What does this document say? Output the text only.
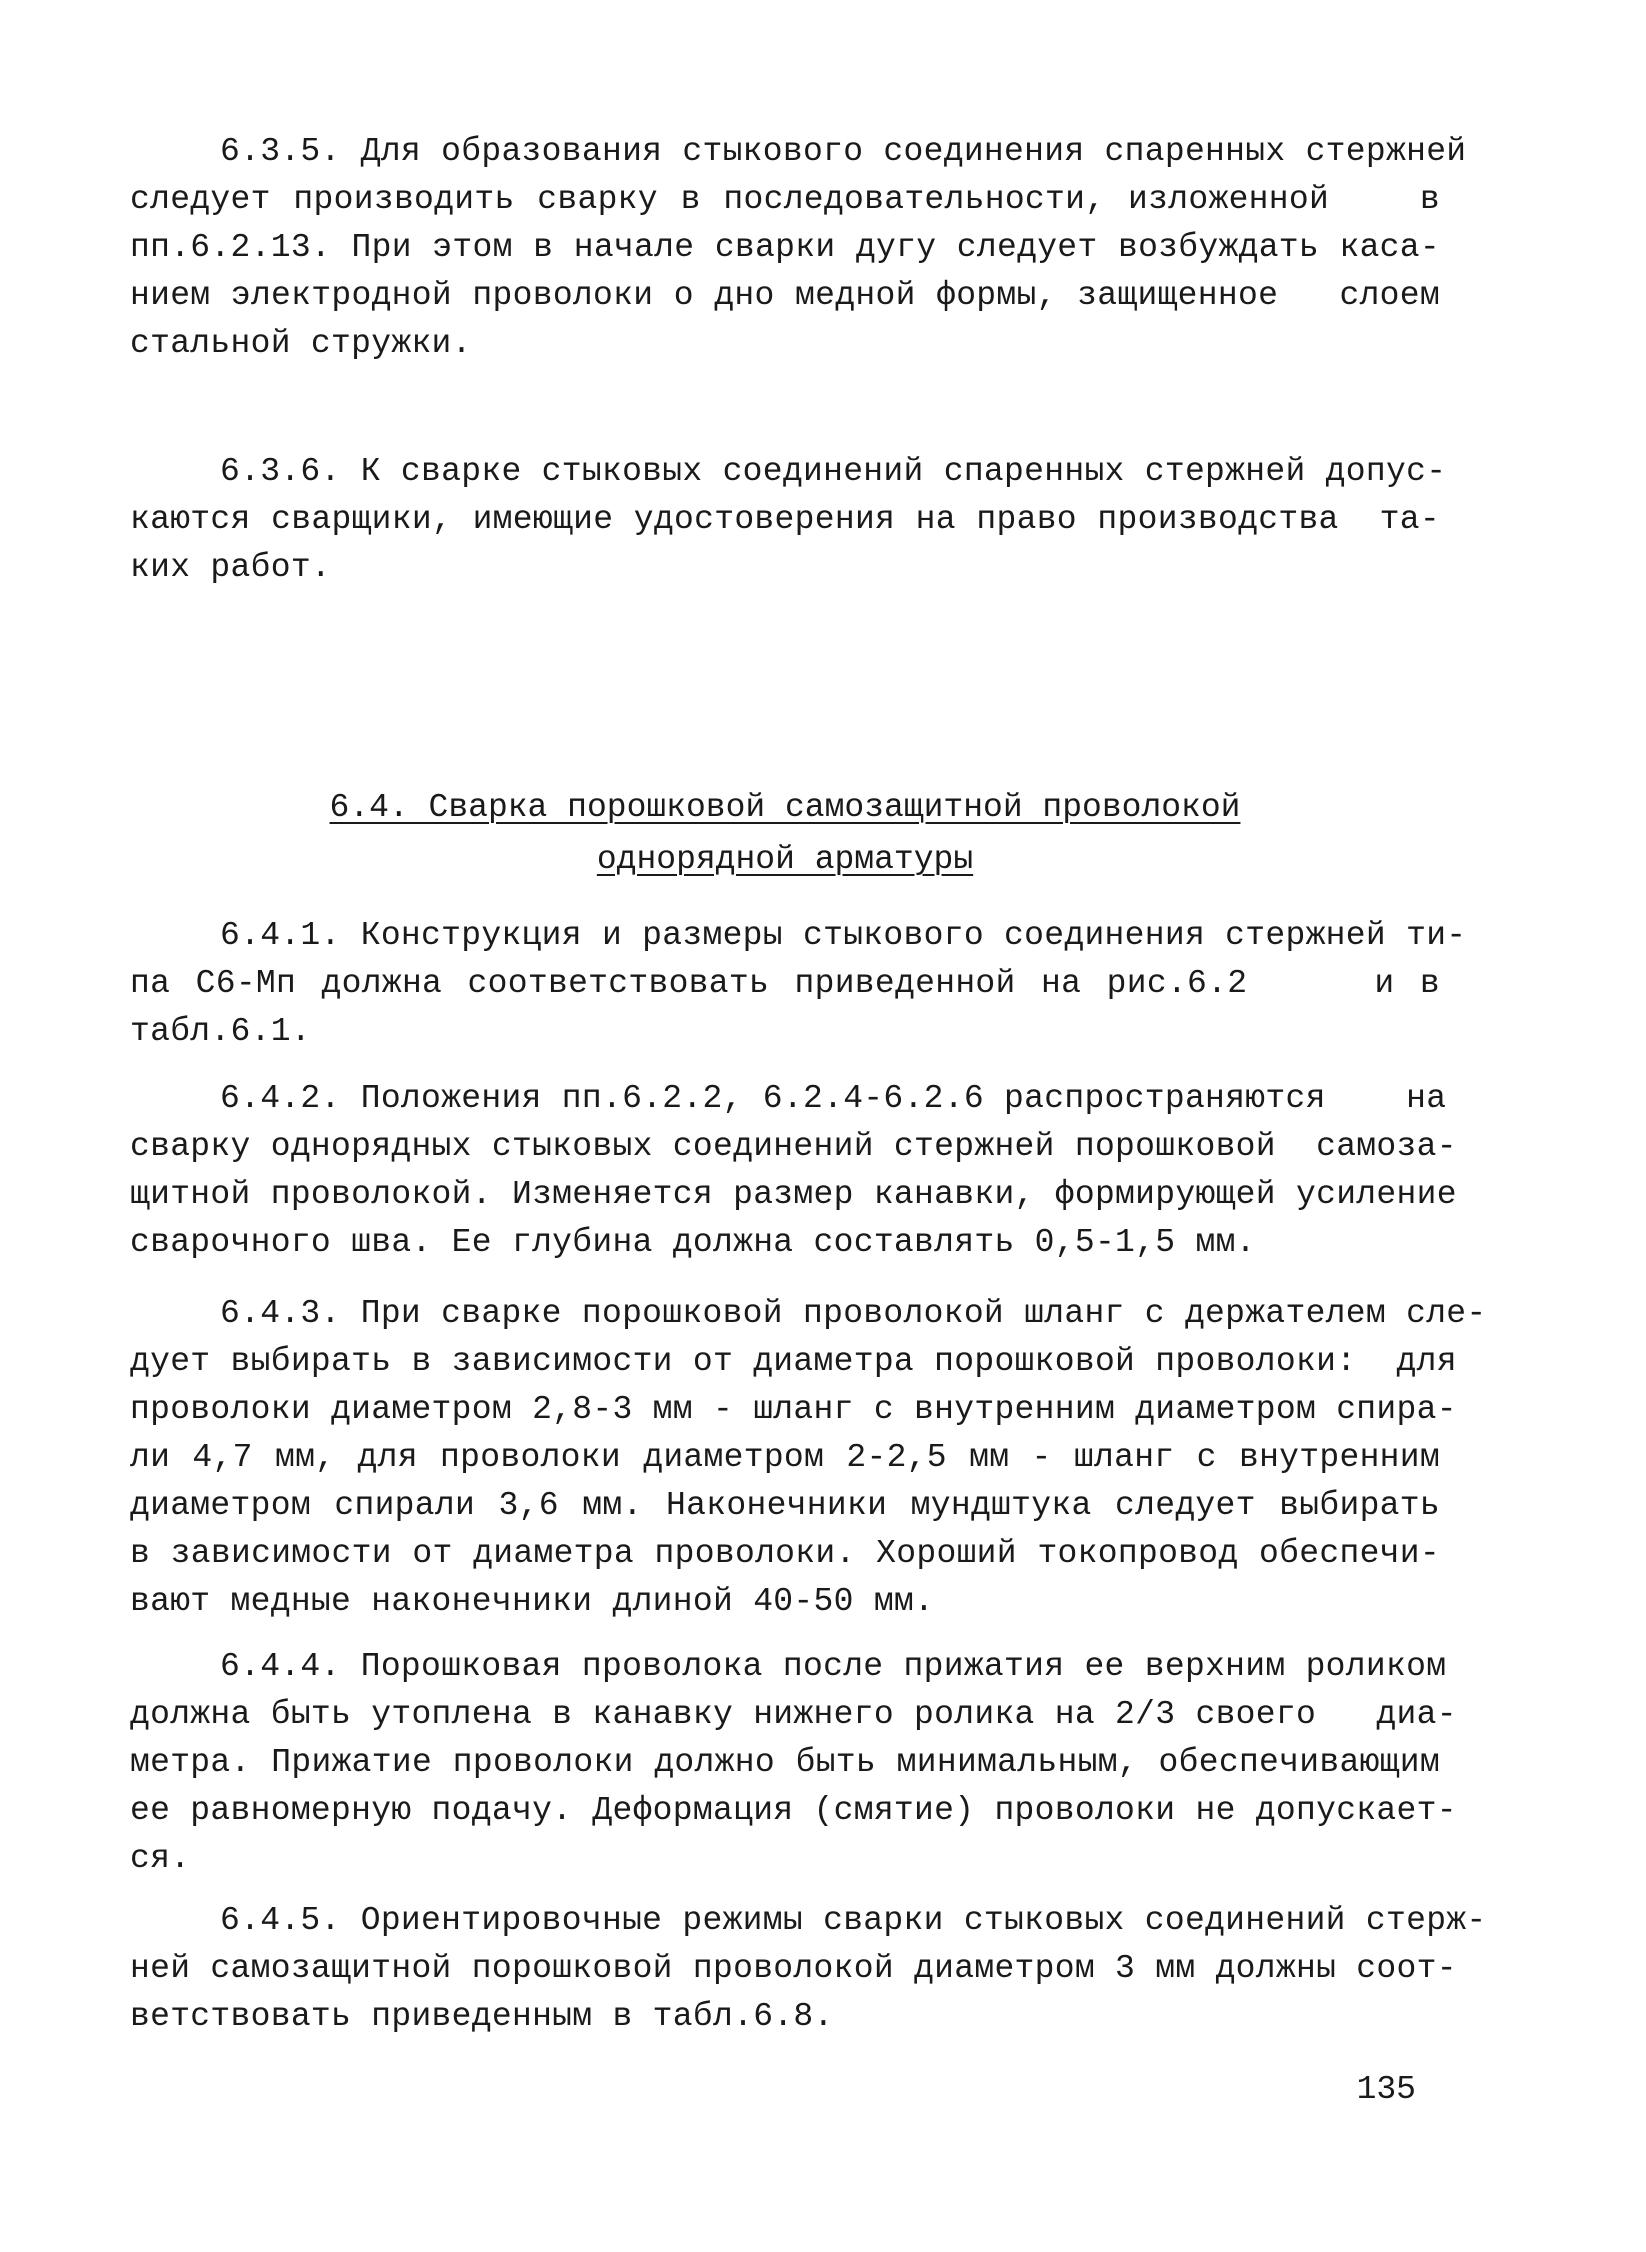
6.3.5. Для образования стыкового соединения спаренных стержней
следует производить сварку в последовательности, изложенной    в
пп.6.2.13. При этом в начале сварки дугу следует возбуждать каса-
нием электродной проволоки о дно медной формы, защищенное   слоем
стальной стружки.
6.3.6. К сварке стыковых соединений спаренных стержней допус-
каются сварщики, имеющие удостоверения на право производства  та-
ких работ.
6.4. Сварка порошковой самозащитной проволокой
однорядной арматуры
6.4.1. Конструкция и размеры стыкового соединения стержней ти-
па С6-Мп должна соответствовать приведенной на рис.6.2     и в
табл.6.1.
6.4.2. Положения пп.6.2.2, 6.2.4-6.2.6 распространяются    на
сварку однорядных стыковых соединений стержней порошковой  самоза-
щитной проволокой. Изменяется размер канавки, формирующей усиление
сварочного шва. Ее глубина должна составлять 0,5-1,5 мм.
6.4.3. При сварке порошковой проволокой шланг с держателем сле-
дует выбирать в зависимости от диаметра порошковой проволоки:  для
проволоки диаметром 2,8-3 мм - шланг с внутренним диаметром спира-
ли 4,7 мм, для проволоки диаметром 2-2,5 мм - шланг с внутренним
диаметром спирали 3,6 мм. Наконечники мундштука следует выбирать
в зависимости от диаметра проволоки. Хороший токопровод обеспечи-
вают медные наконечники длиной 40-50 мм.
6.4.4. Порошковая проволока после прижатия ее верхним роликом
должна быть утоплена в канавку нижнего ролика на 2/3 своего   диа-
метра. Прижатие проволоки должно быть минимальным, обеспечивающим
ее равномерную подачу. Деформация (смятие) проволоки не допускает-
ся.
6.4.5. Ориентировочные режимы сварки стыковых соединений стерж-
ней самозащитной порошковой проволокой диаметром 3 мм должны соот-
ветствовать приведенным в табл.6.8.
135
